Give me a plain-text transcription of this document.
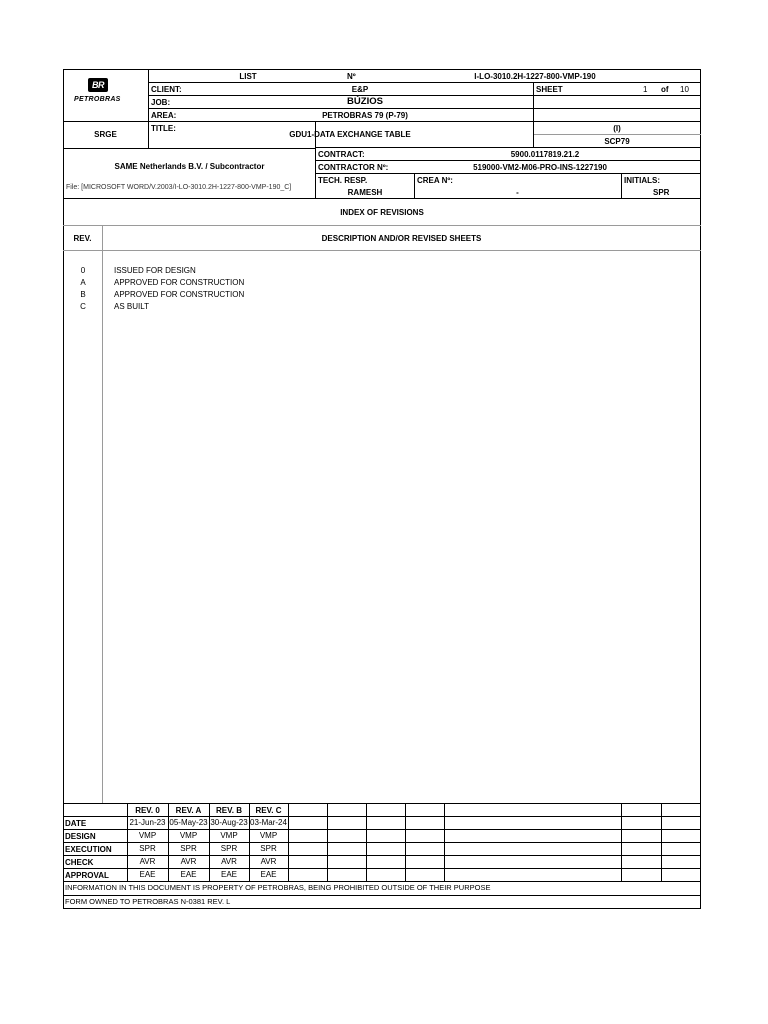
BR
PETROBRAS
LIST	Nº	I-LO-3010.2H-1227-800-VMP-190
CLIENT:	E&P	SHEET	1 of 10
JOB:	BÚZIOS
AREA:	PETROBRAS 79 (P-79)
SRGE
TITLE:
GDU1-DATA EXCHANGE TABLE
(I)
SCP79
SAME Netherlands B.V. / Subcontractor
File: [MICROSOFT WORD/V.2003/I-LO-3010.2H-1227-800-VMP-190_C]
CONTRACT:	5900.0117819.21.2
CONTRACTOR Nº:	519000-VM2-M06-PRO-INS-1227190
TECH. RESP.
RAMESH
CREA Nº:
-
INITIALS:
SPR
INDEX OF REVISIONS
REV.	DESCRIPTION AND/OR REVISED SHEETS
0	ISSUED FOR DESIGN
A	APPROVED FOR CONSTRUCTION
B	APPROVED FOR CONSTRUCTION
C	AS BUILT
REV. 0	REV. A	REV. B	REV. C
DATE	21-Jun-23 05-May-23 30-Aug-23 03-Mar-24
DESIGN	VMP	VMP	VMP	VMP
EXECUTION	SPR	SPR	SPR	SPR
CHECK	AVR	AVR	AVR	AVR
APPROVAL	EAE	EAE	EAE	EAE
INFORMATION IN THIS DOCUMENT IS PROPERTY OF PETROBRAS, BEING PROHIBITED OUTSIDE OF THEIR PURPOSE
FORM OWNED TO PETROBRAS N-0381 REV. L
